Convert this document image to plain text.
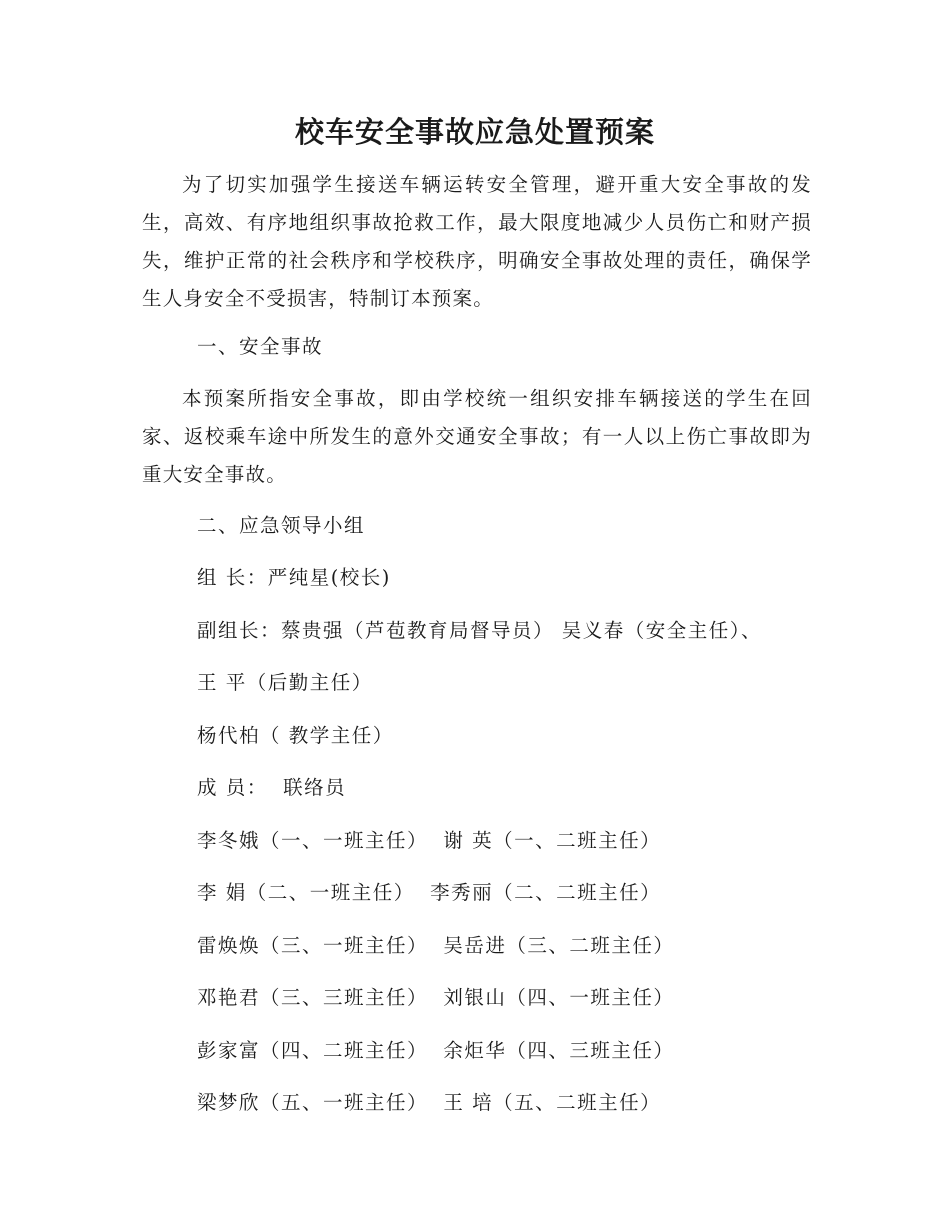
校车安全事故应急处置预案

为了切实加强学生接送车辆运转安全管理，避开重大安全事故的发生，高效、有序地组织事故抢救工作，最大限度地减少人员伤亡和财产损失，维护正常的社会秩序和学校秩序，明确安全事故处理的责任，确保学生人身安全不受损害，特制订本预案。

一、安全事故

本预案所指安全事故，即由学校统一组织安排车辆接送的学生在回家、返校乘车途中所发生的意外交通安全事故；有一人以上伤亡事故即为重大安全事故。

二、应急领导小组

组 长：严纯星(校长)

副组长：蔡贵强（芦苞教育局督导员） 吴义春（安全主任）、

王 平（后勤主任）

杨代柏（ 教学主任）

成 员：  联络员

李冬娥（一、一班主任）  谢 英（一、二班主任）

李 娟（二、一班主任）  李秀丽（二、二班主任）

雷焕焕（三、一班主任）  吴岳进（三、二班主任）

邓艳君（三、三班主任）  刘银山（四、一班主任）

彭家富（四、二班主任）  余炬华（四、三班主任）

梁梦欣（五、一班主任）  王 培（五、二班主任）
